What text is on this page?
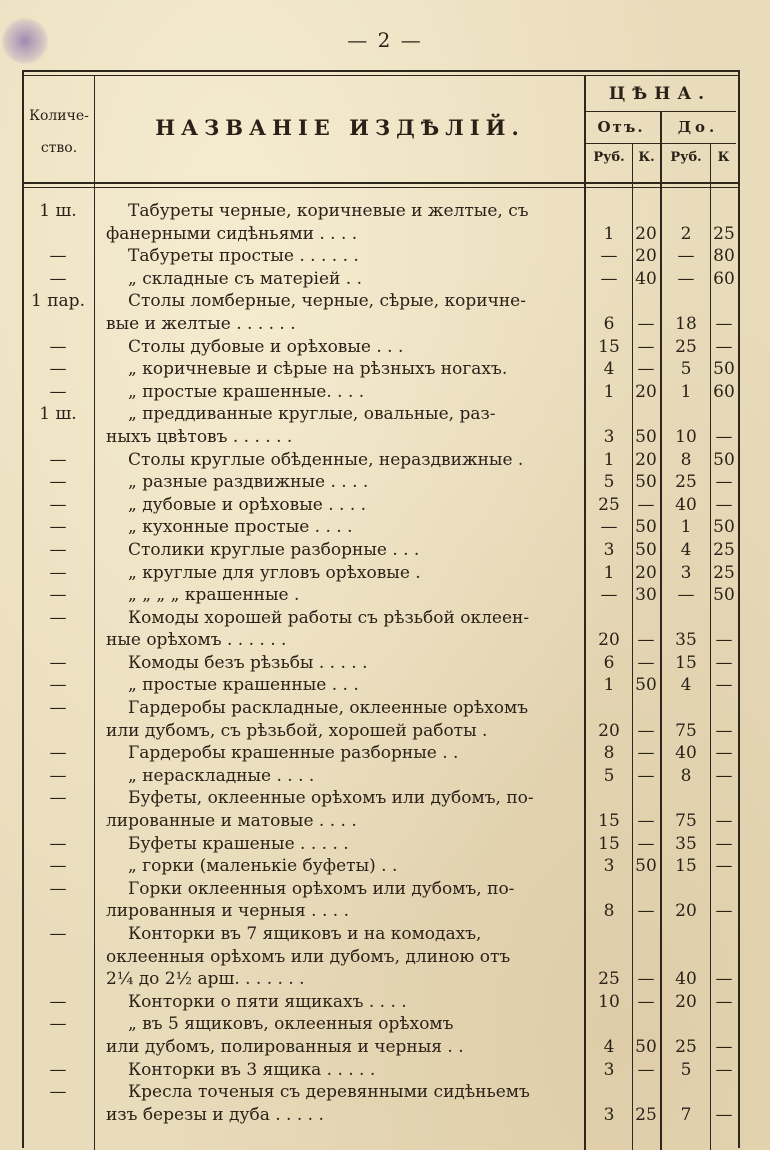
— 2 —
Количе-
ство.
НАЗВАНIЕ ИЗДѢЛIЙ.
ЦѢНА.
Отъ.	До.
Руб.	К.	Руб.	К
1 ш.	Табуреты черные, коричневые и желтые, съ
фанерными сидѣньями . . . .	1	20	2	25
—	Табуреты простые . . . . . .	—	20	—	80
—	„ складные съ матерiей . .	—	40	—	60
1 пар.	Столы ломберные, черные, сѣрые, коричне-
вые и желтые . . . . . .	6	—	18	—
—	Столы дубовые и орѣховые . . .	15	—	25	—
—	„ коричневые и сѣрые на рѣзныхъ ногахъ.	4	—	5	50
—	„ простые крашенные. . . .	1	20	1	60
1 ш.	„ преддиванные круглые, овальные, раз-
ныхъ цвѣтовъ . . . . . .	3	50	10	—
—	Столы круглые обѣденные, нераздвижные .	1	20	8	50
—	„ разные раздвижные . . . .	5	50	25	—
—	„ дубовые и орѣховые . . . .	25	—	40	—
—	„ кухонные простые . . . .	—	50	1	50
—	Столики круглые разборные . . .	3	50	4	25
—	„ круглые для угловъ орѣховые .	1	20	3	25
—	„ „ „ „ крашенные .	—	30	—	50
—	Комоды хорошей работы съ рѣзьбой оклеен-
ные орѣхомъ . . . . . .	20	—	35	—
—	Комоды безъ рѣзьбы . . . . .	6	—	15	—
—	„ простые крашенные . . .	1	50	4	—
—	Гардеробы раскладные, оклеенные орѣхомъ
или дубомъ, съ рѣзьбой, хорошей работы .	20	—	75	—
—	Гардеробы крашенные разборные . .	8	—	40	—
—	„ нераскладные . . . .	5	—	8	—
—	Буфеты, оклеенные орѣхомъ или дубомъ, по-
лированные и матовые . . . .	15	—	75	—
—	Буфеты крашеные . . . . .	15	—	35	—
—	„ горки (маленькiе буфеты) . .	3	50	15	—
—	Горки оклеенныя орѣхомъ или дубомъ, по-
лированныя и черныя . . . .	8	—	20	—
—	Конторки въ 7 ящиковъ и на комодахъ,
оклеенныя орѣхомъ или дубомъ, длиною отъ
2¼ до 2½ арш. . . . . . .	25	—	40	—
—	Конторки о пяти ящикахъ . . . .	10	—	20	—
—	„ въ 5 ящиковъ, оклеенныя орѣхомъ
или дубомъ, полированныя и черныя . .	4	50	25	—
—	Конторки въ 3 ящика . . . . .	3	—	5	—
—	Кресла точеныя съ деревянными сидѣньемъ
изъ березы и дуба . . . . .	3	25	7	—
